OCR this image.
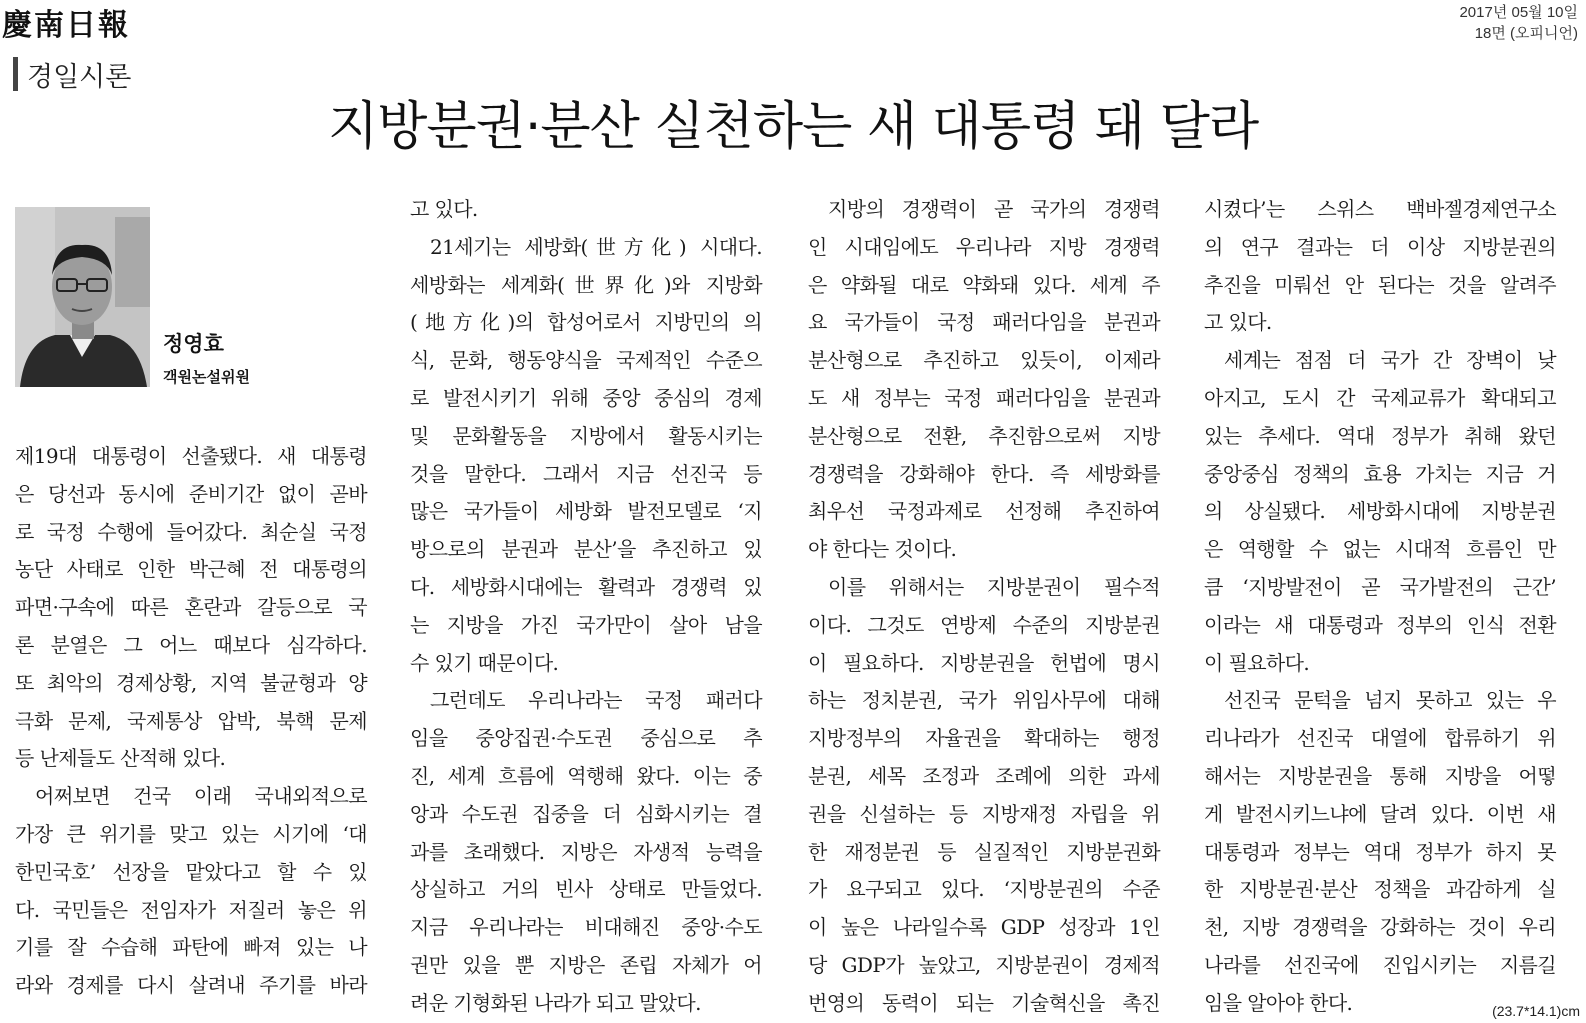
慶南日報	2017년 05월 10일
18면 (오피니언)
경일시론
지방분권·분산 실천하는 새 대통령 돼 달라
정영효
객원논설위원
제19대 대통령이 선출됐다. 새 대통령
은 당선과 동시에 준비기간 없이 곧바
로 국정 수행에 들어갔다. 최순실 국정
농단 사태로 인한 박근혜 전 대통령의
파면·구속에 따른 혼란과 갈등으로 국
론 분열은 그 어느 때보다 심각하다.
또 최악의 경제상황, 지역 불균형과 양
극화 문제, 국제통상 압박, 북핵 문제
등 난제들도 산적해 있다.
어쩌보면 건국 이래 국내외적으로
가장 큰 위기를 맞고 있는 시기에 ‘대
한민국호’ 선장을 맡았다고 할 수 있
다. 국민들은 전임자가 저질러 놓은 위
기를 잘 수습해 파탄에 빠져 있는 나
라와 경제를 다시 살려내 주기를 바라
고 있다.
21세기는 세방화(世方化) 시대다.
세방화는 세계화(世界化)와 지방화
(地方化)의 합성어로서 지방민의 의
식, 문화, 행동양식을 국제적인 수준으
로 발전시키기 위해 중앙 중심의 경제
및 문화활동을 지방에서 활동시키는
것을 말한다. 그래서 지금 선진국 등
많은 국가들이 세방화 발전모델로 ‘지
방으로의 분권과 분산’을 추진하고 있
다. 세방화시대에는 활력과 경쟁력 있
는 지방을 가진 국가만이 살아 남을
수 있기 때문이다.
그런데도 우리나라는 국정 패러다
임을 중앙집권·수도권 중심으로 추
진, 세계 흐름에 역행해 왔다. 이는 중
앙과 수도권 집중을 더 심화시키는 결
과를 초래했다. 지방은 자생적 능력을
상실하고 거의 빈사 상태로 만들었다.
지금 우리나라는 비대해진 중앙·수도
권만 있을 뿐 지방은 존립 자체가 어
려운 기형화된 나라가 되고 말았다.
지방의 경쟁력이 곧 국가의 경쟁력
인 시대임에도 우리나라 지방 경쟁력
은 약화될 대로 약화돼 있다. 세계 주
요 국가들이 국정 패러다임을 분권과
분산형으로 추진하고 있듯이, 이제라
도 새 정부는 국정 패러다임을 분권과
분산형으로 전환, 추진함으로써 지방
경쟁력을 강화해야 한다. 즉 세방화를
최우선 국정과제로 선정해 추진하여
야 한다는 것이다.
이를 위해서는 지방분권이 필수적
이다. 그것도 연방제 수준의 지방분권
이 필요하다. 지방분권을 헌법에 명시
하는 정치분권, 국가 위임사무에 대해
지방정부의 자율권을 확대하는 행정
분권, 세목 조정과 조례에 의한 과세
권을 신설하는 등 지방재정 자립을 위
한 재정분권 등 실질적인 지방분권화
가 요구되고 있다. ‘지방분권의 수준
이 높은 나라일수록 GDP 성장과 1인
당 GDP가 높았고, 지방분권이 경제적
번영의 동력이 되는 기술혁신을 촉진
시켰다’는 스위스 백바젤경제연구소
의 연구 결과는 더 이상 지방분권의
추진을 미뤄선 안 된다는 것을 알려주
고 있다.
세계는 점점 더 국가 간 장벽이 낮
아지고, 도시 간 국제교류가 확대되고
있는 추세다. 역대 정부가 취해 왔던
중앙중심 정책의 효용 가치는 지금 거
의 상실됐다. 세방화시대에 지방분권
은 역행할 수 없는 시대적 흐름인 만
큼 ‘지방발전이 곧 국가발전의 근간’
이라는 새 대통령과 정부의 인식 전환
이 필요하다.
선진국 문턱을 넘지 못하고 있는 우
리나라가 선진국 대열에 합류하기 위
해서는 지방분권을 통해 지방을 어떻
게 발전시키느냐에 달려 있다. 이번 새
대통령과 정부는 역대 정부가 하지 못
한 지방분권·분산 정책을 과감하게 실
천, 지방 경쟁력을 강화하는 것이 우리
나라를 선진국에 진입시키는 지름길
임을 알아야 한다.	(23.7*14.1)cm
